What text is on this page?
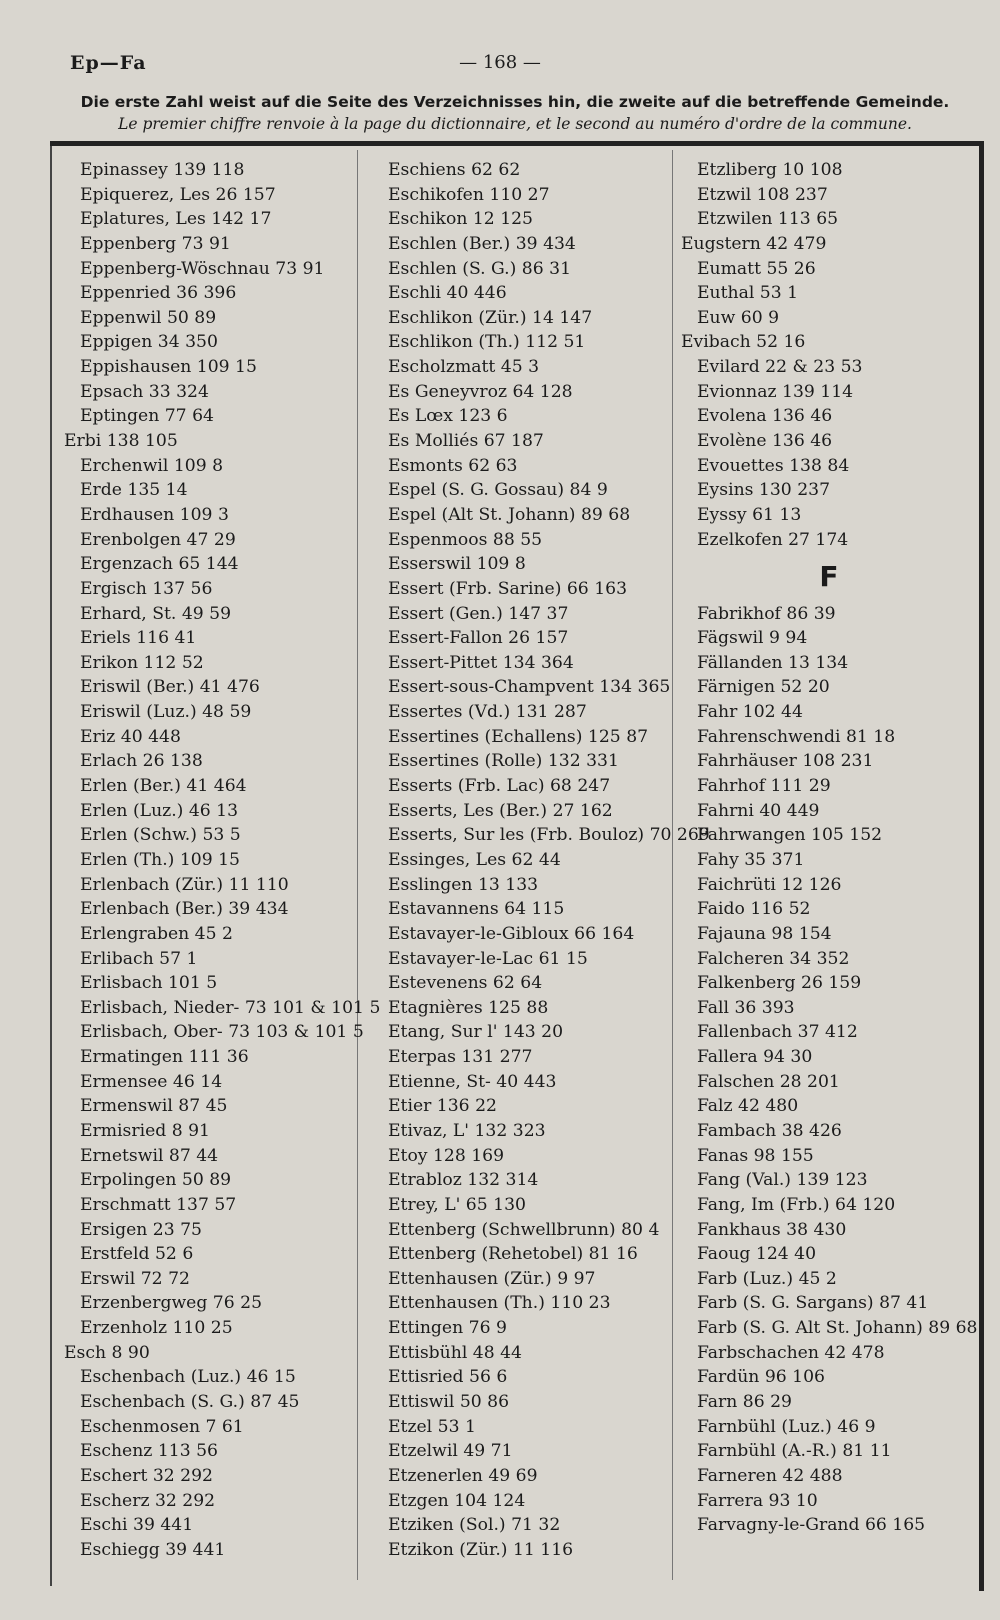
Ep—Fa	— 168 —
Die erste Zahl weist auf die Seite des Verzeichnisses hin, die zweite auf die betreffende Gemeinde.
Le premier chiffre renvoie à la page du dictionnaire, et le second au numéro d'ordre de la commune.
Epinassey 139 118
Epiquerez, Les 26 157
Eplatures, Les 142 17
Eppenberg 73 91
Eppenberg-Wöschnau 73 91
Eppenried 36 396
Eppenwil 50 89
Eppigen 34 350
Eppishausen 109 15
Epsach 33 324
Eptingen 77 64
Erbi 138 105
Erchenwil 109 8
Erde 135 14
Erdhausen 109 3
Erenbolgen 47 29
Ergenzach 65 144
Ergisch 137 56
Erhard, St. 49 59
Eriels 116 41
Erikon 112 52
Eriswil (Ber.) 41 476
Eriswil (Luz.) 48 59
Eriz 40 448
Erlach 26 138
Erlen (Ber.) 41 464
Erlen (Luz.) 46 13
Erlen (Schw.) 53 5
Erlen (Th.) 109 15
Erlenbach (Zür.) 11 110
Erlenbach (Ber.) 39 434
Erlengraben 45 2
Erlibach 57 1
Erlisbach 101 5
Erlisbach, Nieder- 73 101 & 101 5
Erlisbach, Ober- 73 103 & 101 5
Ermatingen 111 36
Ermensee 46 14
Ermenswil 87 45
Ermisried 8 91
Ernetswil 87 44
Erpolingen 50 89
Erschmatt 137 57
Ersigen 23 75
Erstfeld 52 6
Erswil 72 72
Erzenbergweg 76 25
Erzenholz 110 25
Esch 8 90
Eschenbach (Luz.) 46 15
Eschenbach (S. G.) 87 45
Eschenmosen 7 61
Eschenz 113 56
Eschert 32 292
Escherz 32 292
Eschi 39 441
Eschiegg 39 441
Eschiens 62 62
Eschikofen 110 27
Eschikon 12 125
Eschlen (Ber.) 39 434
Eschlen (S. G.) 86 31
Eschli 40 446
Eschlikon (Zür.) 14 147
Eschlikon (Th.) 112 51
Escholzmatt 45 3
Es Geneyvroz 64 128
Es Lœx 123 6
Es Molliés 67 187
Esmonts 62 63
Espel (S. G. Gossau) 84 9
Espel (Alt St. Johann) 89 68
Espenmoos 88 55
Esserswil 109 8
Essert (Frb. Sarine) 66 163
Essert (Gen.) 147 37
Essert-Fallon 26 157
Essert-Pittet 134 364
Essert-sous-Champvent 134 365
Essertes (Vd.) 131 287
Essertines (Echallens) 125 87
Essertines (Rolle) 132 331
Esserts (Frb. Lac) 68 247
Esserts, Les (Ber.) 27 162
Esserts, Sur les (Frb. Bouloz) 70 269
Essinges, Les 62 44
Esslingen 13 133
Estavannens 64 115
Estavayer-le-Gibloux 66 164
Estavayer-le-Lac 61 15
Estevenens 62 64
Etagnières 125 88
Etang, Sur l' 143 20
Eterpas 131 277
Etienne, St- 40 443
Etier 136 22
Etivaz, L' 132 323
Etoy 128 169
Etrabloz 132 314
Etrey, L' 65 130
Ettenberg (Schwellbrunn) 80 4
Ettenberg (Rehetobel) 81 16
Ettenhausen (Zür.) 9 97
Ettenhausen (Th.) 110 23
Ettingen 76 9
Ettisbühl 48 44
Ettisried 56 6
Ettiswil 50 86
Etzel 53 1
Etzelwil 49 71
Etzenerlen 49 69
Etzgen 104 124
Etziken (Sol.) 71 32
Etzikon (Zür.) 11 116
Etzliberg 10 108
Etzwil 108 237
Etzwilen 113 65
Eugstern 42 479
Eumatt 55 26
Euthal 53 1
Euw 60 9
Evibach 52 16
Evilard 22 & 23 53
Evionnaz 139 114
Evolena 136 46
Evolène 136 46
Evouettes 138 84
Eysins 130 237
Eyssy 61 13
Ezelkofen 27 174
F
Fabrikhof 86 39
Fägswil 9 94
Fällanden 13 134
Färnigen 52 20
Fahr 102 44
Fahrenschwendi 81 18
Fahrhäuser 108 231
Fahrhof 111 29
Fahrni 40 449
Fahrwangen 105 152
Fahy 35 371
Faichrüti 12 126
Faido 116 52
Fajauna 98 154
Falcheren 34 352
Falkenberg 26 159
Fall 36 393
Fallenbach 37 412
Fallera 94 30
Falschen 28 201
Falz 42 480
Fambach 38 426
Fanas 98 155
Fang (Val.) 139 123
Fang, Im (Frb.) 64 120
Fankhaus 38 430
Faoug 124 40
Farb (Luz.) 45 2
Farb (S. G. Sargans) 87 41
Farb (S. G. Alt St. Johann) 89 68
Farbschachen 42 478
Fardün 96 106
Farn 86 29
Farnbühl (Luz.) 46 9
Farnbühl (A.-R.) 81 11
Farneren 42 488
Farrera 93 10
Farvagny-le-Grand 66 165
